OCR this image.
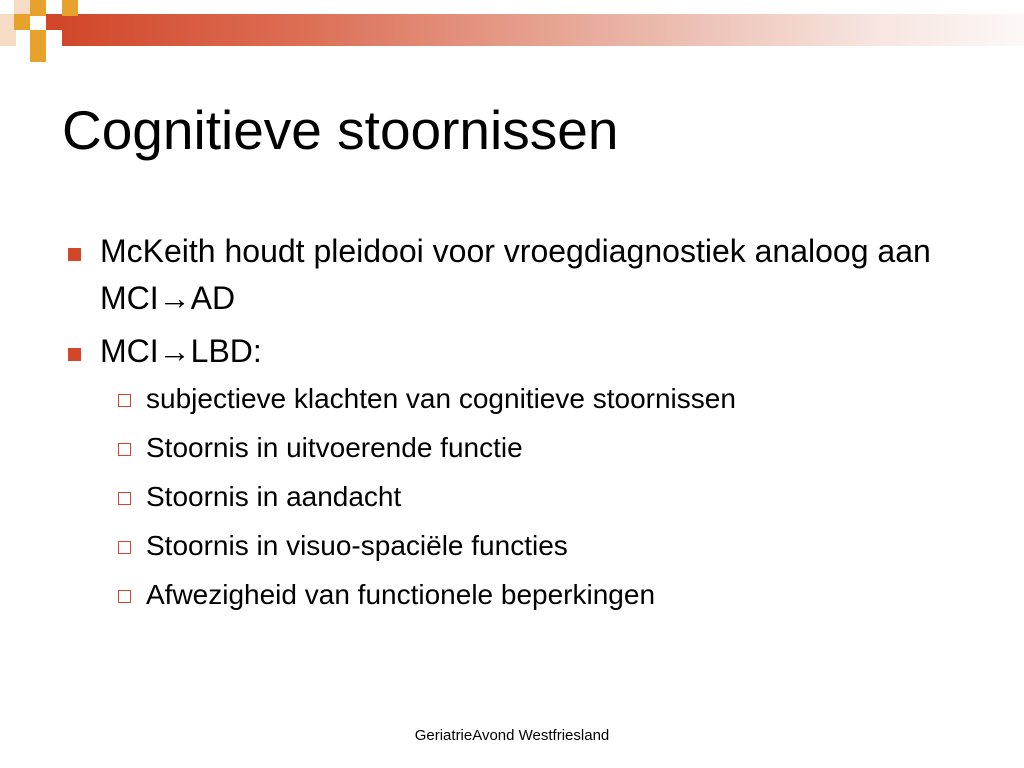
Cognitieve stoornissen
McKeith houdt pleidooi voor vroegdiagnostiek analoog aan MCI→AD
MCI→LBD:
subjectieve klachten van cognitieve stoornissen
Stoornis in uitvoerende functie
Stoornis in aandacht
Stoornis in visuo-spaciële functies
Afwezigheid van functionele beperkingen
GeriatrieAvond Westfriesland
